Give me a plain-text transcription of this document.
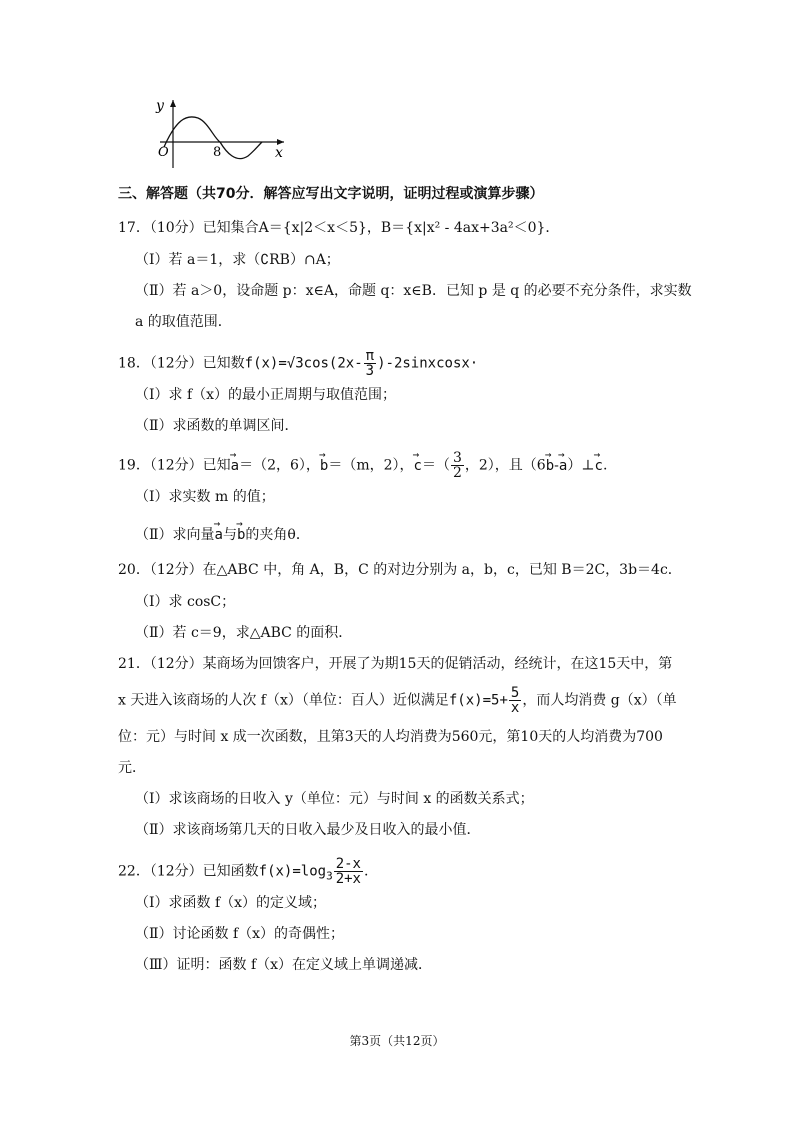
y
O	8	x
三、解答题（共70分．解答应写出文字说明，证明过程或演算步骤）
17．（10分）已知集合A＝{x|2＜x＜5}，B＝{x|x² - 4ax+3a²＜0}．
（Ⅰ）若 a＝1，求（∁RB）∩A；
（Ⅱ）若 a＞0，设命题 p：x∈A，命题 q：x∈B．已知 p 是 q 的必要不充分条件，求实数
a 的取值范围．
18．（12分）已知数$f(x)=√3\cos(2x- \frac{\pi}{3}$ )-2sinxcosx·
（Ⅰ）求 f（x）的最小正周期与取值范围；
（Ⅱ）求函数的单调区间．
19．（12分）已知→ a＝（2，6），→ b＝（m，2），→ $c=( \frac{3}{2}$ ，2），且（6→ b-→ a）⊥→ c.
（Ⅰ）求实数 m 的值；
（Ⅱ）求向量→ a与→ b的夹角θ．
20．（12分）在△ABC 中，角 A，B，C 的对边分别为 a，b，c，已知 B＝2C，3b＝4c．
（Ⅰ）求 cosC；
（Ⅱ）若 c＝9，求△ABC 的面积．
21．（12分）某商场为回馈客户，开展了为期15天的促销活动，经统计，在这15天中，第
x 天进入该商场的人次 f（x）（单位：百人）近似满足$f(x)=5+ \frac{5}{x}$ ，而人均消费 g（x）（单
位：元）与时间 x 成一次函数，且第3天的人均消费为560元，第10天的人均消费为700
元．
（Ⅰ）求该商场的日收入 y（单位：元）与时间 x 的函数关系式；
（Ⅱ）求该商场第几天的日收入最少及日收入的最小值．
22．（12分）已知函数$f(x)=\log_3 \frac{2-x}{2+x}$ .
（Ⅰ）求函数 f（x）的定义域；
（Ⅱ）讨论函数 f（x）的奇偶性；
（Ⅲ）证明：函数 f（x）在定义域上单调递减．
第3页（共12页）
